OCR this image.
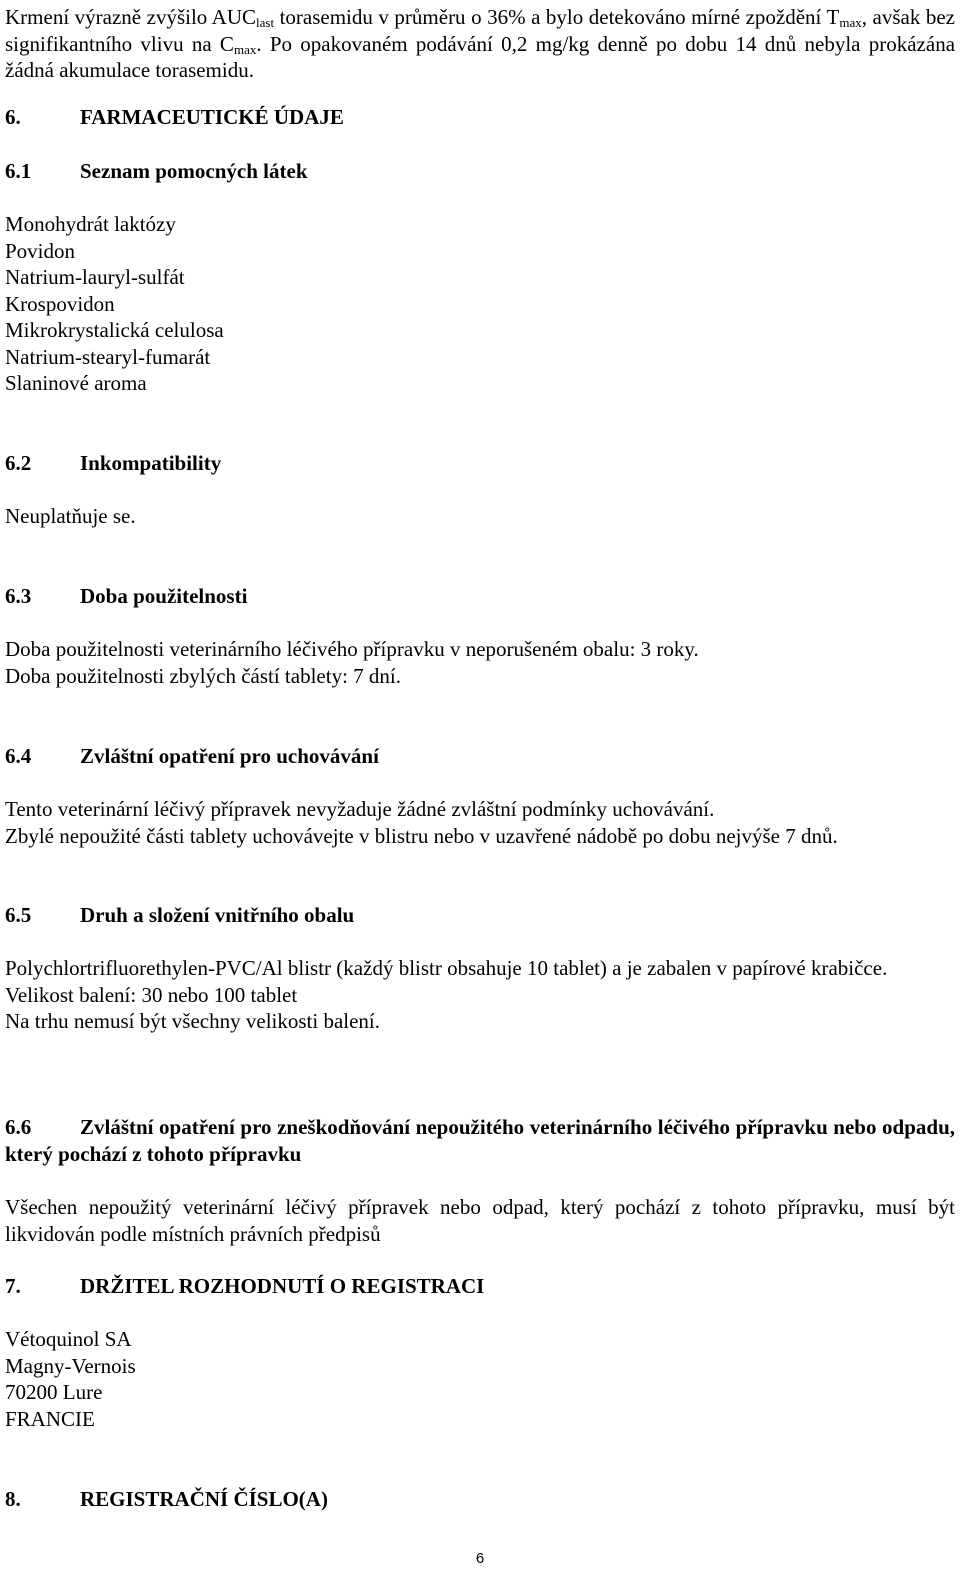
Krmení výrazně zvýšilo $AUC_{last}$ torasemidu v průměru o 36% a bylo detekováno mírné zpoždění $T_{max}$, avšak bez signifikantního vlivu na $C_{max}$. Po opakovaném podávání 0,2 mg/kg denně po dobu 14 dnů nebyla prokázána žádná akumulace torasemidu.

6.	FARMACEUTICKÉ ÚDAJE
6.1 Seznam pomocných látek
Monohydrát laktózy
Povidon
Natrium-lauryl-sulfát
Krospovidon
Mikrokrystalická celulosa
Natrium-stearyl-fumarát
Slaninové aroma
6.2 Inkompatibility
Neuplatňuje se.
6.3 Doba použitelnosti
Doba použitelnosti veterinárního léčivého přípravku v neporušeném obalu: 3 roky.
Doba použitelnosti zbylých částí tablety: 7 dní.
6.4 Zvláštní opatření pro uchovávání
Tento veterinární léčivý přípravek nevyžaduje žádné zvláštní podmínky uchovávání.
Zbylé nepoužité části tablety uchovávejte v blistru nebo v uzavřené nádobě po dobu nejvýše 7 dnů.
6.5 Druh a složení vnitřního obalu
Polychlortrifluorethylen-PVC/Al blistr (každý blistr obsahuje 10 tablet) a je zabalen v papírové krabičce.
Velikost balení: 30 nebo 100 tablet
Na trhu nemusí být všechny velikosti balení.
6.6 Zvláštní opatření pro zneškodňování nepoužitého veterinárního léčivého přípravku nebo odpadu, který pochází z tohoto přípravku

Všechen nepoužitý veterinární léčivý přípravek nebo odpad, který pochází z tohoto přípravku, musí být likvidován podle místních právních předpisů

7.	DRŽITEL ROZHODNUTÍ O REGISTRACI
Vétoquinol SA
Magny-Vernois
70200 Lure
FRANCIE
8.	REGISTRAČNÍ ČÍSLO(A)
6
